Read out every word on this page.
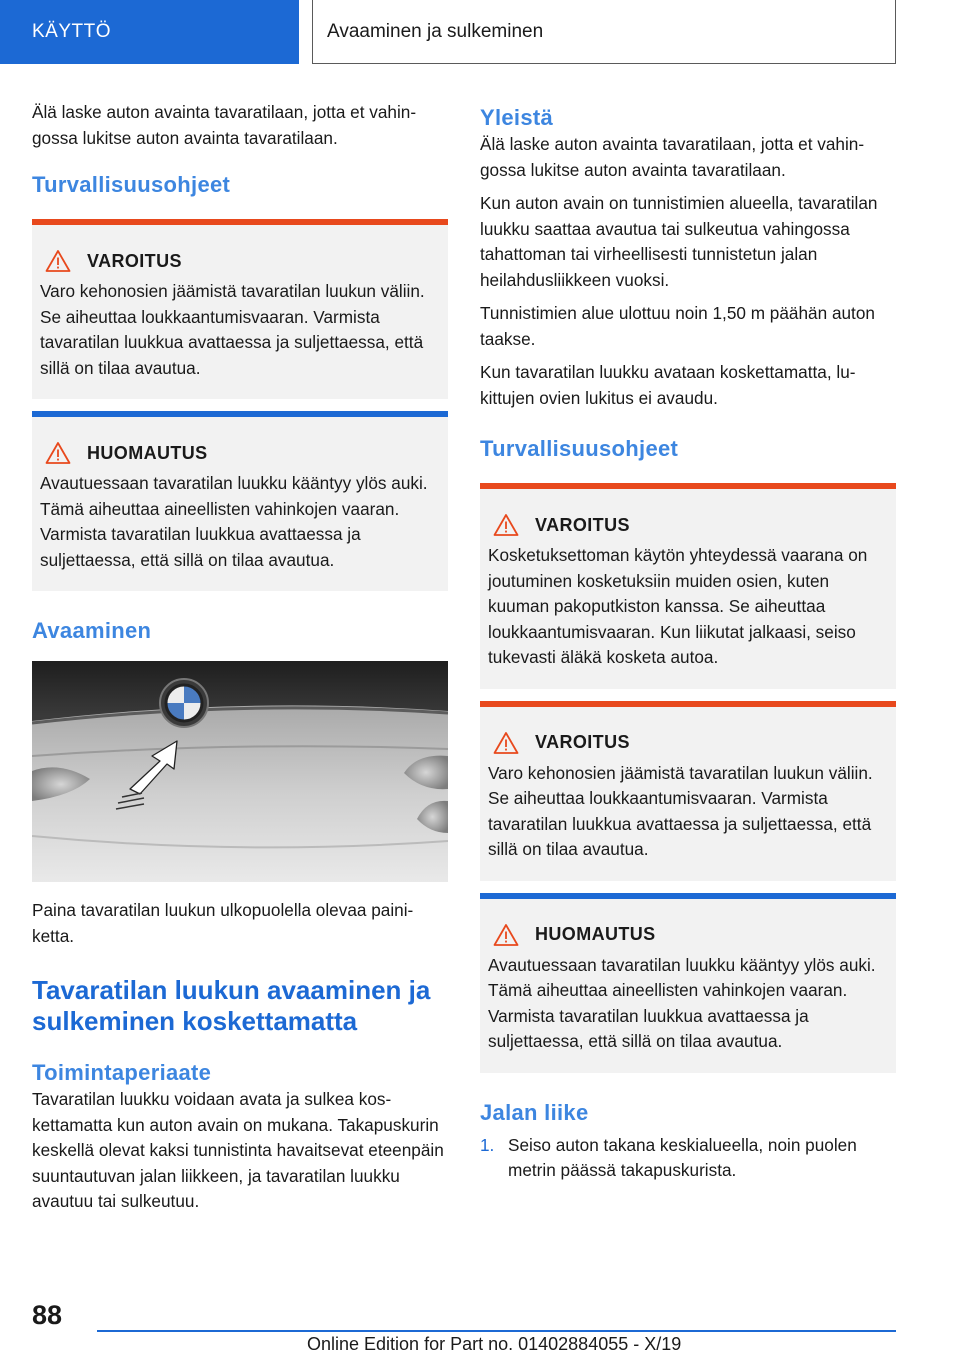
KÄYTTÖ	Avaaminen ja sulkeminen

Älä laske auton avainta tavaratilaan, jotta et vahingossa lukitse auton avainta tavaratilaan.

Turvallisuusohjeet
VAROITUS

Varo kehonosien jäämistä tavaratilan luukun väliin. Se aiheuttaa loukkaantumisvaaran. Varmista tavaratilan luukkua avattaessa ja suljettaessa, että sillä on tilaa avautua.

HUOMAUTUS

Avautuessaan tavaratilan luukku kääntyy ylös auki. Tämä aiheuttaa aineellisten vahinkojen vaaran. Varmista tavaratilan luukkua avattaessa ja suljettaessa, että sillä on tilaa avautua.

Avaaminen

Paina tavaratilan luukun ulkopuolella olevaa painiketta.

Tavaratilan luukun avaaminen ja sulkeminen koskettamatta
Toimintaperiaate

Tavaratilan luukku voidaan avata ja sulkea koskettamatta kun auton avain on mukana. Takapuskurin keskellä olevat kaksi tunnistinta havaitsevat eteenpäin suuntautuvan jalan liikkeen, ja tavaratilan luukku avautuu tai sulkeutuu.

Yleistä

Älä laske auton avainta tavaratilaan, jotta et vahingossa lukitse auton avainta tavaratilaan.

Kun auton avain on tunnistimien alueella, tavaratilan luukku saattaa avautua tai sulkeutua vahingossa tahattoman tai virheellisesti tunnistetun jalan heilahdusliikkeen vuoksi.

Tunnistimien alue ulottuu noin 1,50 m päähän auton taakse.

Kun tavaratilan luukku avataan koskettamatta, lukittujen ovien lukitus ei avaudu.

Turvallisuusohjeet
VAROITUS

Kosketuksettoman käytön yhteydessä vaarana on joutuminen kosketuksiin muiden osien, kuten kuuman pakoputkiston kanssa. Se aiheuttaa loukkaantumisvaaran. Kun liikutat jalkaasi, seiso tukevasti äläkä kosketa autoa.

VAROITUS

Varo kehonosien jäämistä tavaratilan luukun väliin. Se aiheuttaa loukkaantumisvaaran. Varmista tavaratilan luukkua avattaessa ja suljettaessa, että sillä on tilaa avautua.

HUOMAUTUS

Avautuessaan tavaratilan luukku kääntyy ylös auki. Tämä aiheuttaa aineellisten vahinkojen vaaran. Varmista tavaratilan luukkua avattaessa ja suljettaessa, että sillä on tilaa avautua.

Jalan liike
1. Seiso auton takana keskialueella, noin puolen metrin päässä takapuskurista.
88
Online Edition for Part no. 01402884055 - X/19
